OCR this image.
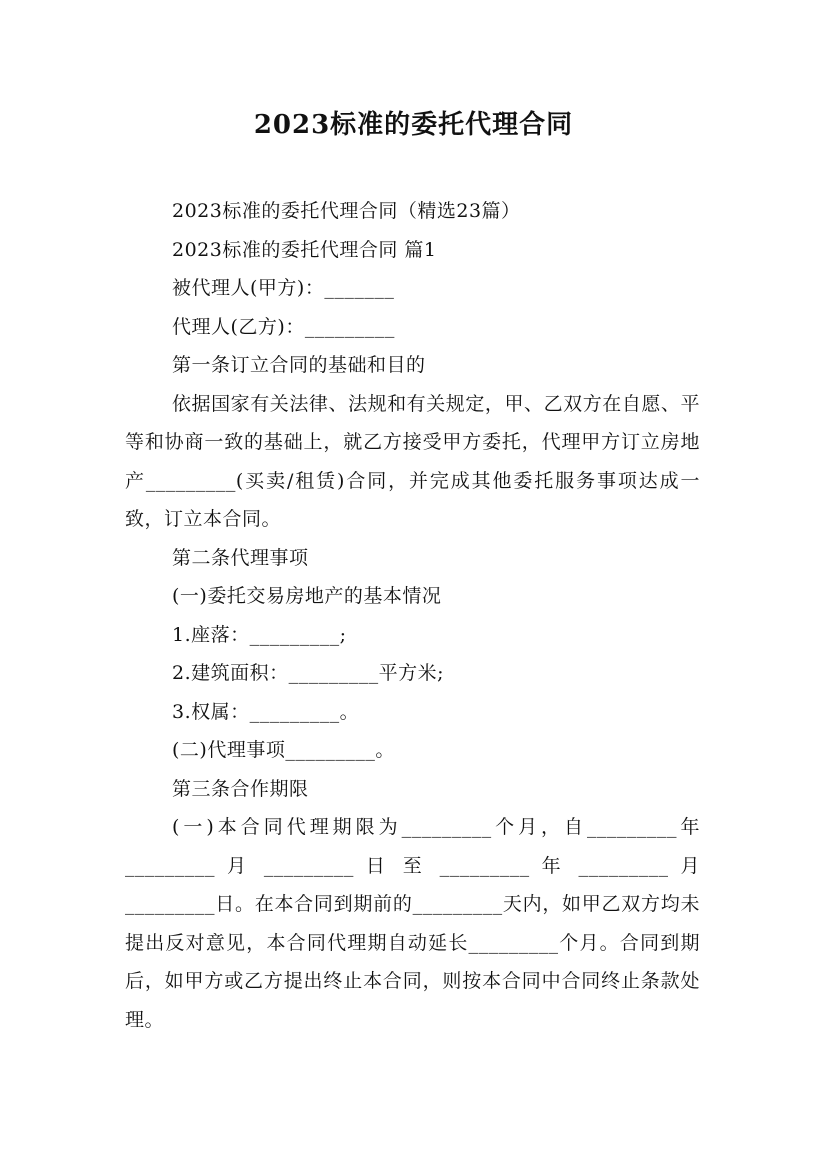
2023标准的委托代理合同

2023标准的委托代理合同（精选23篇）

2023标准的委托代理合同 篇1

被代理人(甲方)：_______

代理人(乙方)：_________

第一条订立合同的基础和目的

依据国家有关法律、法规和有关规定，甲、乙双方在自愿、平等和协商一致的基础上，就乙方接受甲方委托，代理甲方订立房地产_________(买卖/租赁)合同，并完成其他委托服务事项达成一致，订立本合同。

第二条代理事项

(一)委托交易房地产的基本情况

1.座落：_________;

2.建筑面积：_________平方米;

3.权属：_________。

(二)代理事项_________。

第三条合作期限

(一)本合同代理期限为_________个月，自_________年_________ 月 _________ 日 至 _________ 年 _________ 月_________日。在本合同到期前的_________天内，如甲乙双方均未提出反对意见，本合同代理期自动延长_________个月。合同到期后，如甲方或乙方提出终止本合同，则按本合同中合同终止条款处理。
